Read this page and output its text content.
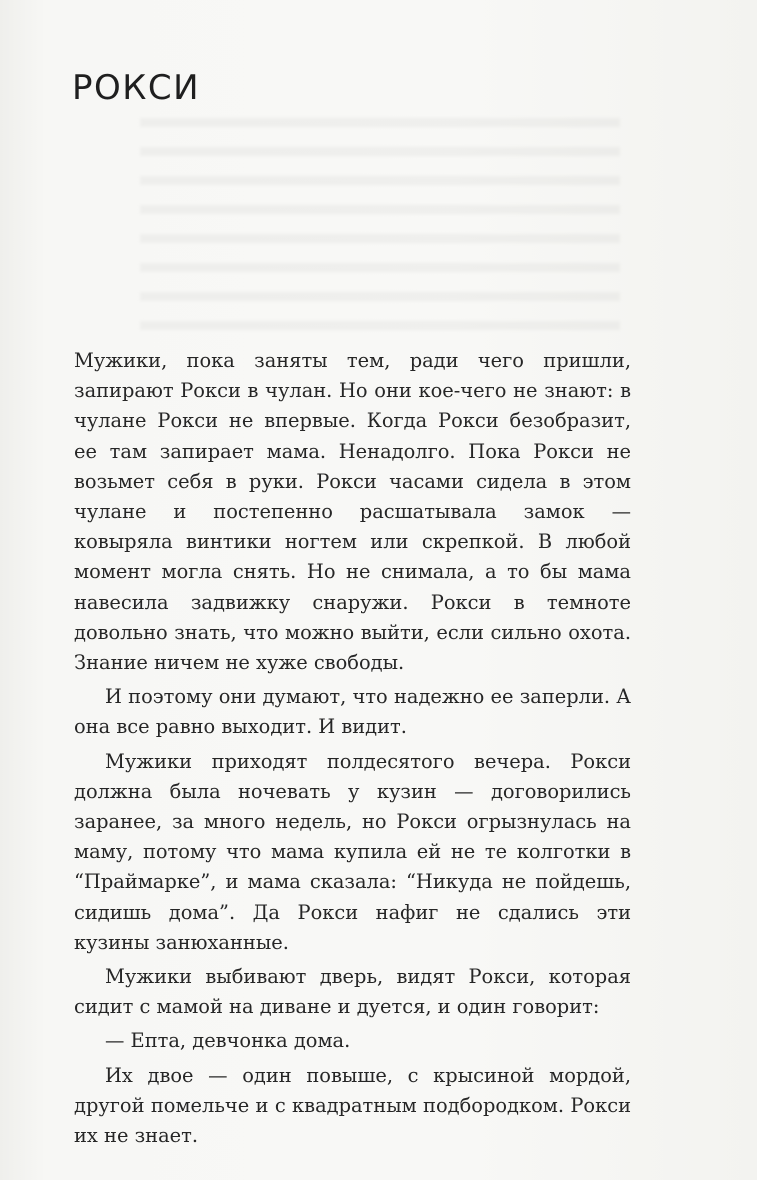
РОКСИ

Мужики, пока заняты тем, ради чего пришли, запирают Рокси в чулан. Но они кое-чего не знают: в чулане Рокси не впервые. Когда Рокси безобразит, ее там запирает мама. Ненадолго. Пока Рокси не возьмет себя в руки. Рокси часами сидела в этом чулане и постепенно расшатывала замок — ковыряла винтики ногтем или скрепкой. В любой момент могла снять. Но не снимала, а то бы мама навесила задвижку снаружи. Рокси в темноте довольно знать, что можно выйти, если сильно охота. Знание ничем не хуже свободы.

И поэтому они думают, что надежно ее заперли. А она все равно выходит. И видит.

Мужики приходят полдесятого вечера. Рокси должна была ночевать у кузин — договорились заранее, за много недель, но Рокси огрызнулась на маму, потому что мама купила ей не те колготки в “Праймарке”, и мама сказала: “Никуда не пойдешь, сидишь дома”. Да Рокси нафиг не сдались эти кузины занюханные.

Мужики выбивают дверь, видят Рокси, которая сидит с мамой на диване и дуется, и один говорит:

— Епта, девчонка дома.

Их двое — один повыше, с крысиной мордой, другой помельче и с квадратным подбородком. Рокси их не знает.
